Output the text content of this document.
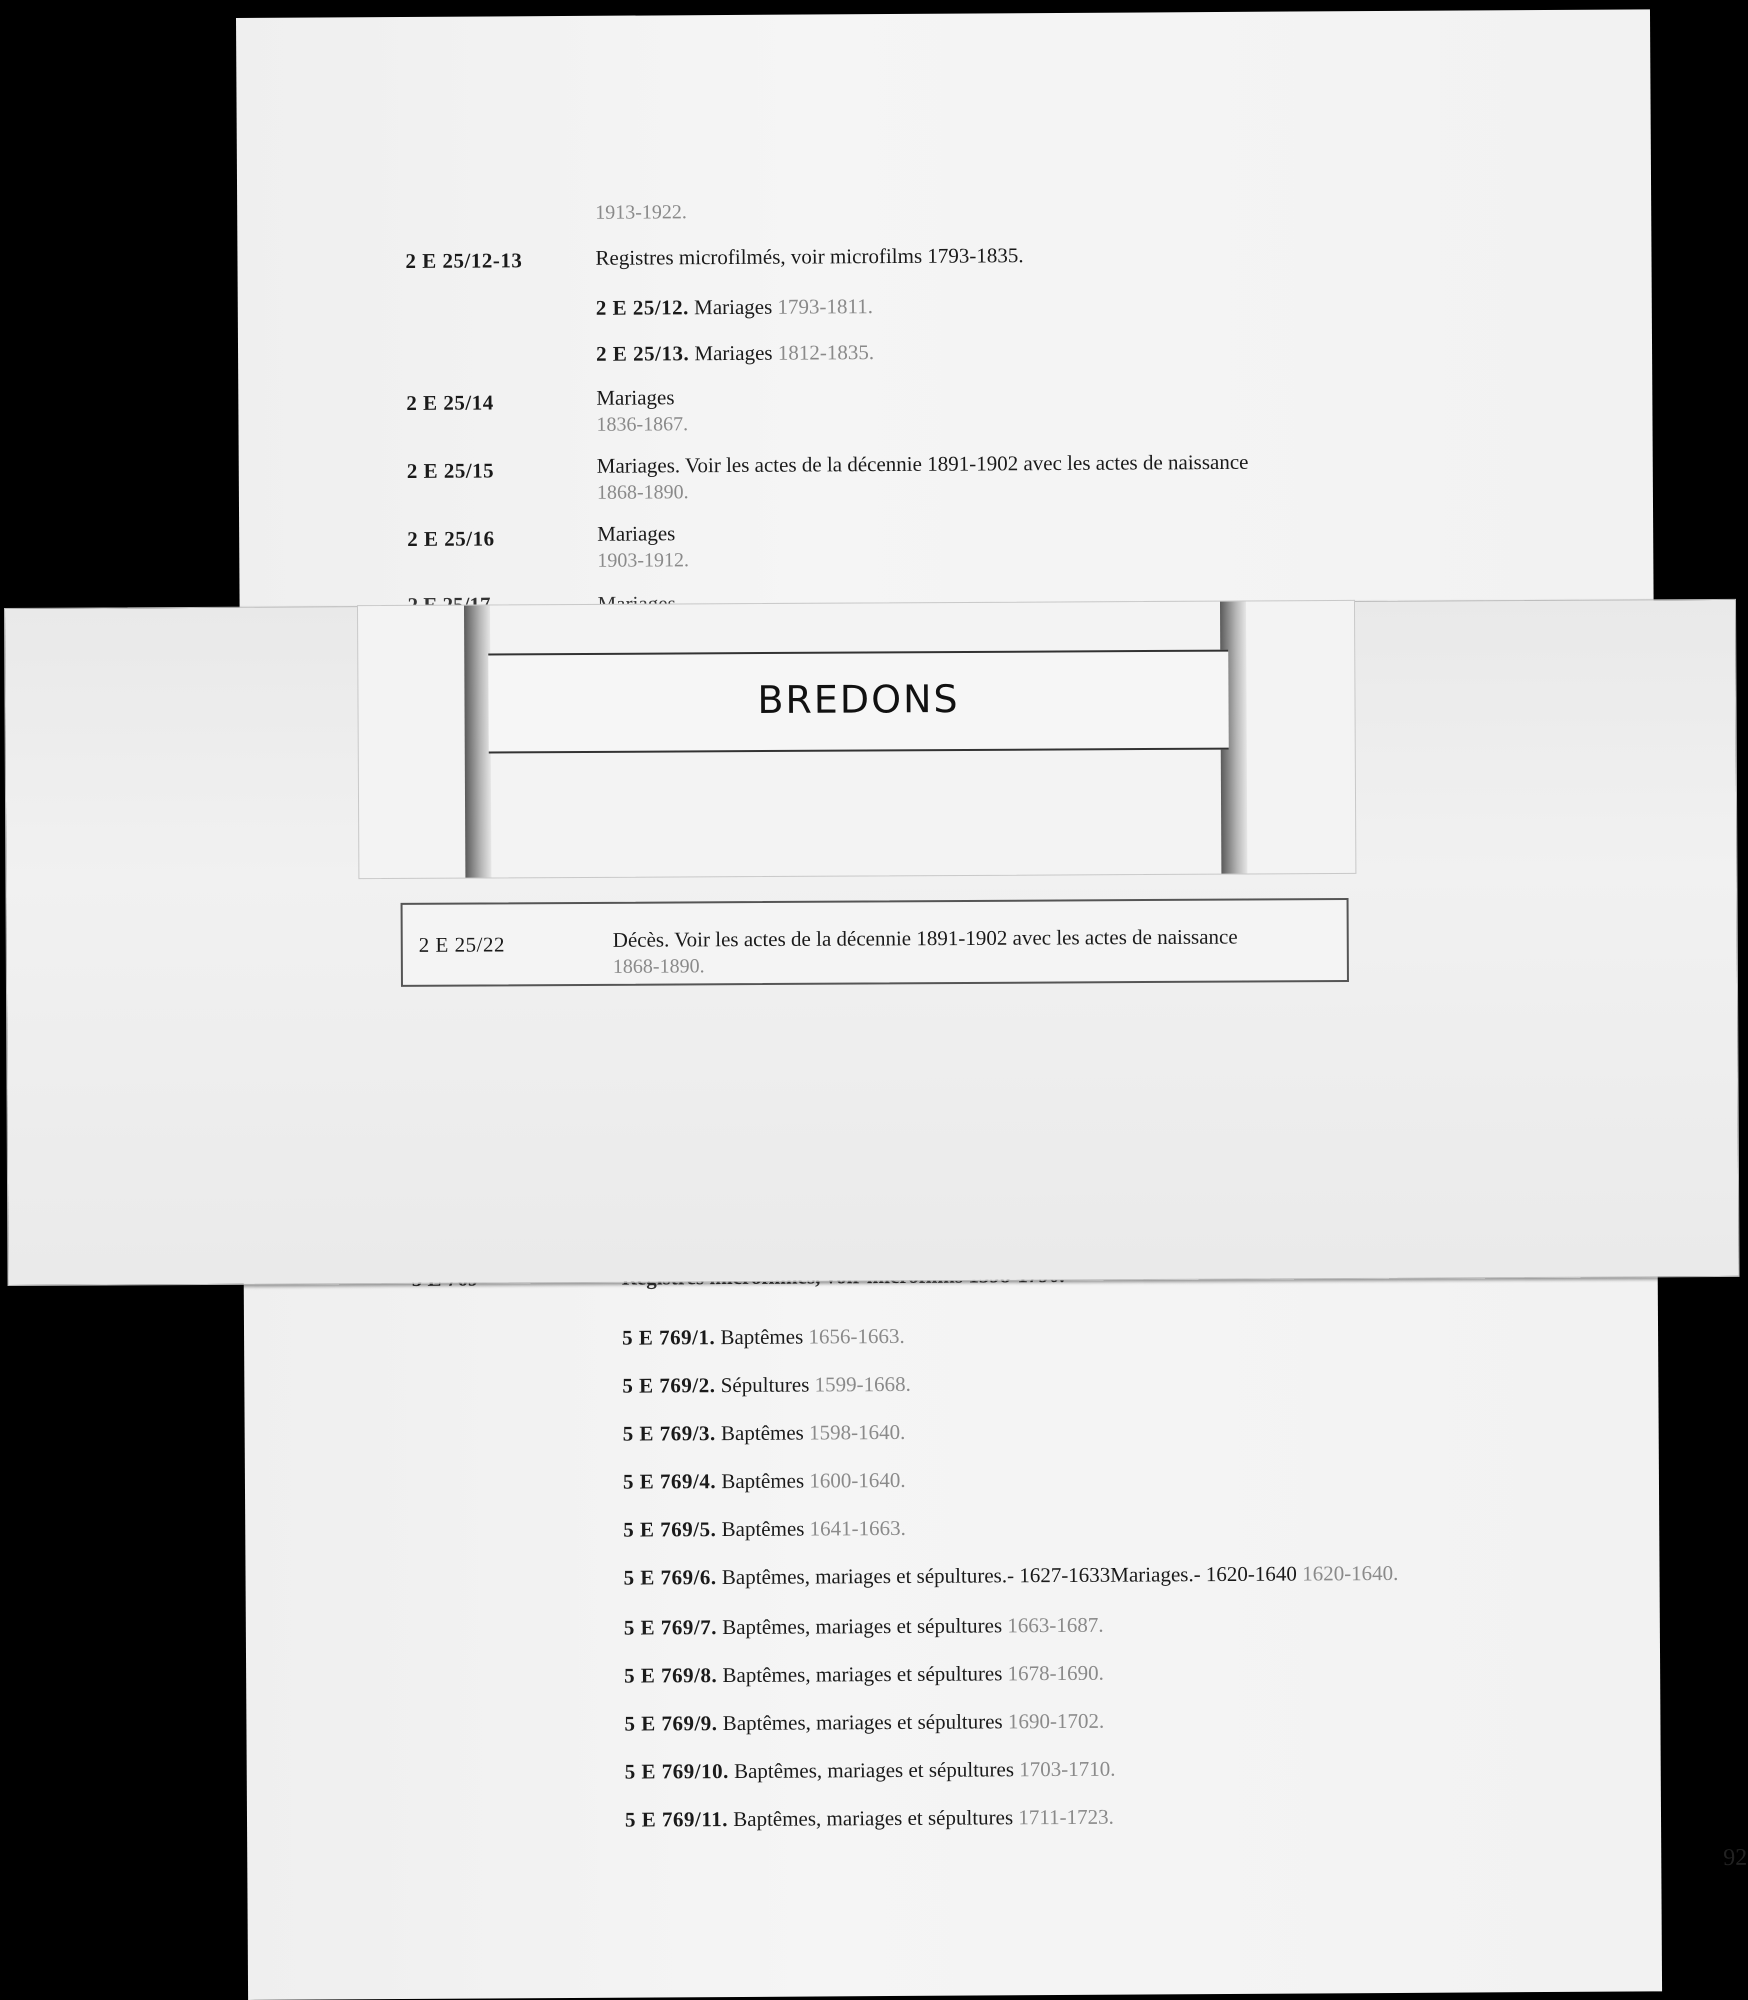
1913-1922.
2 E 25/12-13	Registres microfilmés, voir microfilms 1793-1835.
2 E 25/12. Mariages 1793-1811.
2 E 25/13. Mariages 1812-1835.
2 E 25/14	Mariages
1836-1867.
2 E 25/15	Mariages. Voir les actes de la décennie 1891-1902 avec les actes de naissance
1868-1890.
2 E 25/16	Mariages
1903-1912.
5 E 769/1. Baptêmes 1656-1663.
5 E 769/2. Sépultures 1599-1668.
5 E 769/3. Baptêmes 1598-1640.
5 E 769/4. Baptêmes 1600-1640.
5 E 769/5. Baptêmes 1641-1663.
5 E 769/6. Baptêmes, mariages et sépultures.- 1627-1633Mariages.- 1620-1640 1620-1640.
5 E 769/7. Baptêmes, mariages et sépultures 1663-1687.
5 E 769/8. Baptêmes, mariages et sépultures 1678-1690.
5 E 769/9. Baptêmes, mariages et sépultures 1690-1702.
5 E 769/10. Baptêmes, mariages et sépultures 1703-1710.
5 E 769/11. Baptêmes, mariages et sépultures 1711-1723.
92
BREDONS
2 E 25/22	Décès. Voir les actes de la décennie 1891-1902 avec les actes de naissance
1868-1890.
